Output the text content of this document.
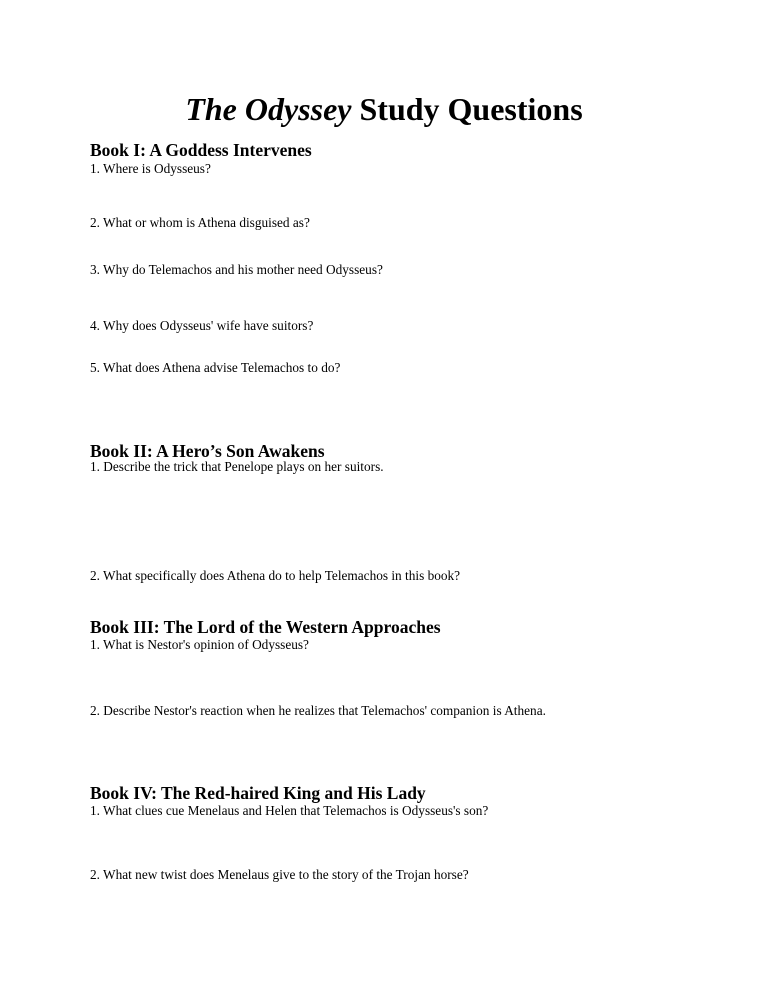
The Odyssey Study Questions
Book I: A Goddess Intervenes
1. Where is Odysseus?
2. What or whom is Athena disguised as?
3. Why do Telemachos and his mother need Odysseus?
4. Why does Odysseus' wife have suitors?
5. What does Athena advise Telemachos to do?
Book II: A Hero’s Son Awakens
1. Describe the trick that Penelope plays on her suitors.
2. What specifically does Athena do to help Telemachos in this book?
Book III: The Lord of the Western Approaches
1. What is Nestor's opinion of Odysseus?
2. Describe Nestor's reaction when he realizes that Telemachos' companion is Athena.
Book IV: The Red-haired King and His Lady
1. What clues cue Menelaus and Helen that Telemachos is Odysseus's son?
2. What new twist does Menelaus give to the story of the Trojan horse?
